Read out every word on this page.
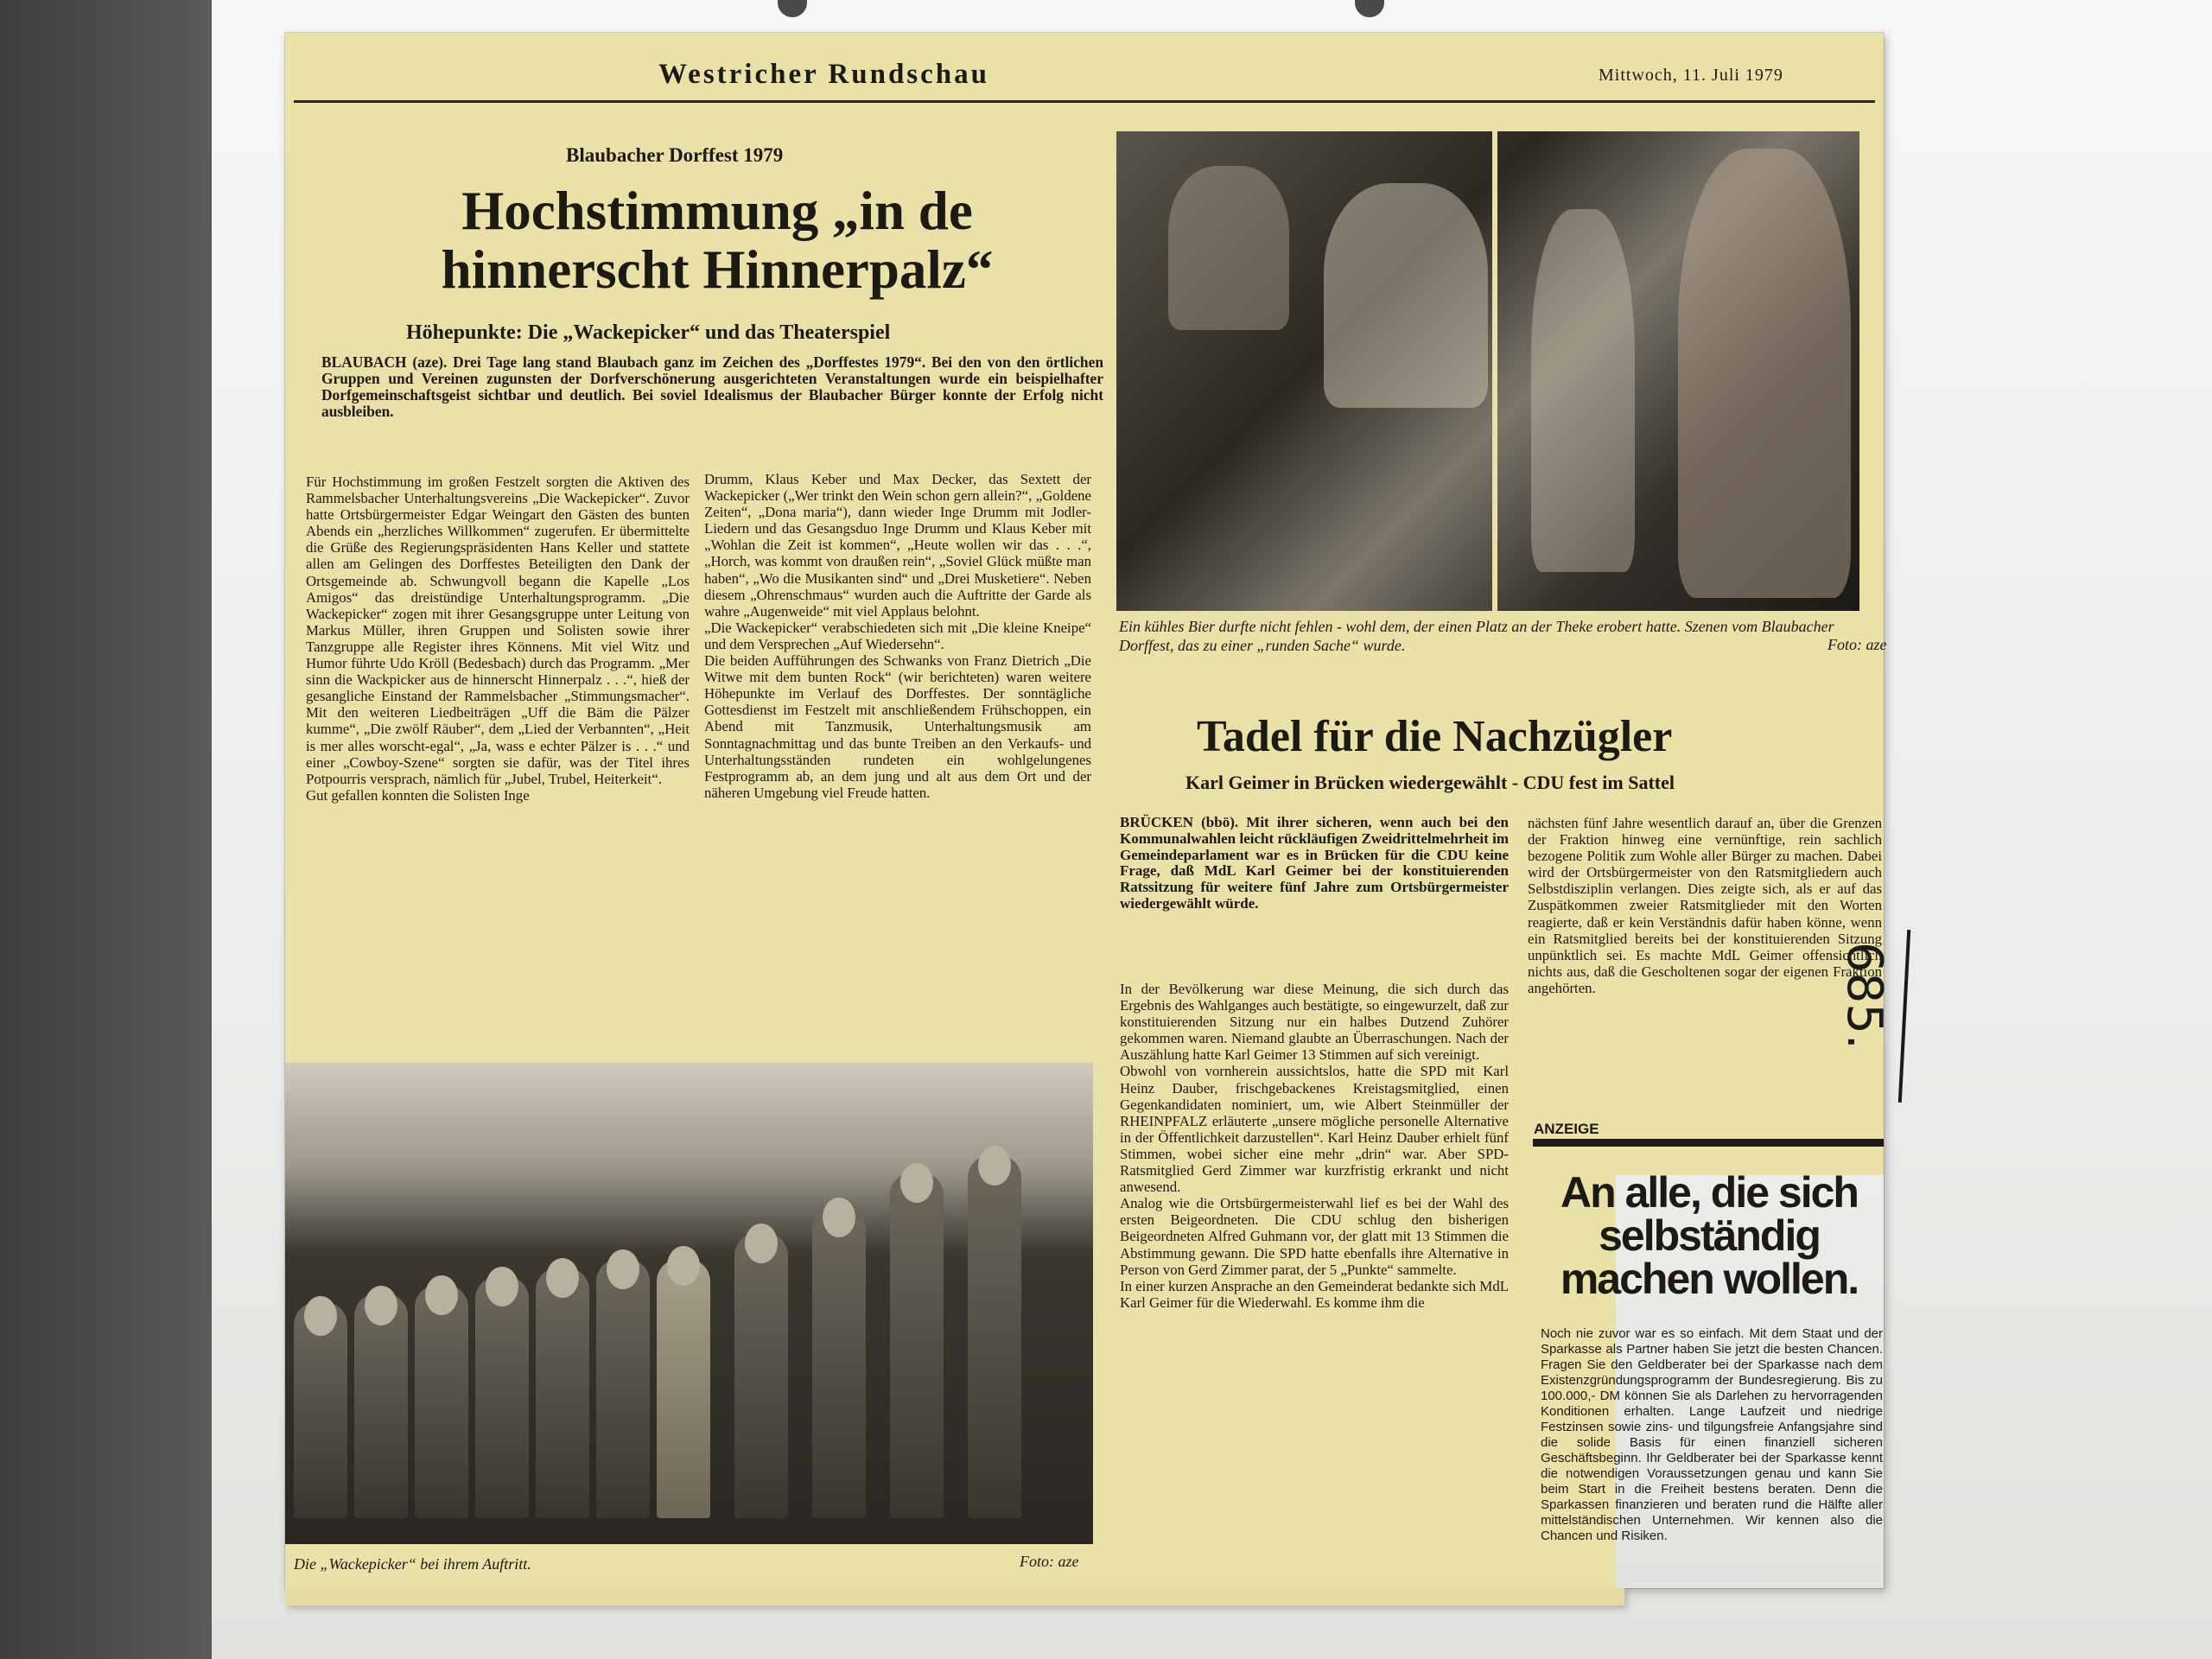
Westricher Rundschau	Mittwoch, 11. Juli 1979
Blaubacher Dorffest 1979
Hochstimmung „in de hinnerscht Hinnerpalz“
Höhepunkte: Die „Wackepicker“ und das Theaterspiel
BLAUBACH (aze). Drei Tage lang stand Blaubach ganz im Zeichen des „Dorffestes 1979“. Bei den von den örtlichen Gruppen und Vereinen zugunsten der Dorfverschönerung ausgerichteten Veranstaltungen wurde ein beispielhafter Dorfgemeinschaftsgeist sichtbar und deutlich. Bei soviel Idealismus der Blaubacher Bürger konnte der Erfolg nicht ausbleiben.
Für Hochstimmung im großen Festzelt sorgten die Aktiven des Rammelsbacher Unterhaltungsvereins „Die Wackepicker“. Zuvor hatte Ortsbürgermeister Edgar Weingart den Gästen des bunten Abends ein „herzliches Willkommen“ zugerufen. Er übermittelte die Grüße des Regierungspräsidenten Hans Keller und stattete allen am Gelingen des Dorffestes Beteiligten den Dank der Ortsgemeinde ab. Schwungvoll begann die Kapelle „Los Amigos“ das dreistündige Unterhaltungsprogramm. „Die Wackepicker“ zogen mit ihrer Gesangsgruppe unter Leitung von Markus Müller, ihren Gruppen und Solisten sowie ihrer Tanzgruppe alle Register ihres Könnens. Mit viel Witz und Humor führte Udo Kröll (Bedesbach) durch das Programm. „Mer sinn die Wackpicker aus de hinnerscht Hinnerpalz . . .“, hieß der gesangliche Einstand der Rammelsbacher „Stimmungsmacher“. Mit den weiteren Liedbeiträgen „Uff die Bäm die Pälzer kumme“, „Die zwölf Räuber“, dem „Lied der Verbannten“, „Heit is mer alles worscht-egal“, „Ja, wass e echter Pälzer is . . .“ und einer „Cowboy-Szene“ sorgten sie dafür, was der Titel ihres Potpourris versprach, nämlich für „Jubel, Trubel, Heiterkeit“.
Gut gefallen konnten die Solisten Inge
Drumm, Klaus Keber und Max Decker, das Sextett der Wackepicker („Wer trinkt den Wein schon gern allein?“, „Goldene Zeiten“, „Dona maria“), dann wieder Inge Drumm mit Jodler-Liedern und das Gesangsduo Inge Drumm und Klaus Keber mit „Wohlan die Zeit ist kommen“, „Heute wollen wir das . . .“, „Horch, was kommt von draußen rein“, „Soviel Glück müßte man haben“, „Wo die Musikanten sind“ und „Drei Musketiere“. Neben diesem „Ohrenschmaus“ wurden auch die Auftritte der Garde als wahre „Augenweide“ mit viel Applaus belohnt.
„Die Wackepicker“ verabschiedeten sich mit „Die kleine Kneipe“ und dem Versprechen „Auf Wiedersehn“.
Die beiden Aufführungen des Schwanks von Franz Dietrich „Die Witwe mit dem bunten Rock“ (wir berichteten) waren weitere Höhepunkte im Verlauf des Dorffestes. Der sonntägliche Gottesdienst im Festzelt mit anschließendem Frühschoppen, ein Abend mit Tanzmusik, Unterhaltungsmusik am Sonntagnachmittag und das bunte Treiben an den Verkaufs- und Unterhaltungsständen rundeten ein wohlgelungenes Festprogramm ab, an dem jung und alt aus dem Ort und der näheren Umgebung viel Freude hatten.
Ein kühles Bier durfte nicht fehlen - wohl dem, der einen Platz an der Theke erobert hatte. Szenen vom Blaubacher Dorffest, das zu einer „runden Sache“ wurde.	Foto: aze
Die „Wackepicker“ bei ihrem Auftritt.	Foto: aze
Tadel für die Nachzügler
Karl Geimer in Brücken wiedergewählt - CDU fest im Sattel
BRÜCKEN (bbö). Mit ihrer sicheren, wenn auch bei den Kommunalwahlen leicht rückläufigen Zweidrittelmehrheit im Gemeindeparlament war es in Brücken für die CDU keine Frage, daß MdL Karl Geimer bei der konstituierenden Ratssitzung für weitere fünf Jahre zum Ortsbürgermeister wiedergewählt würde.
In der Bevölkerung war diese Meinung, die sich durch das Ergebnis des Wahlganges auch bestätigte, so eingewurzelt, daß zur konstituierenden Sitzung nur ein halbes Dutzend Zuhörer gekommen waren. Niemand glaubte an Überraschungen. Nach der Auszählung hatte Karl Geimer 13 Stimmen auf sich vereinigt.
Obwohl von vornherein aussichtslos, hatte die SPD mit Karl Heinz Dauber, frischgebackenes Kreistagsmitglied, einen Gegenkandidaten nominiert, um, wie Albert Steinmüller der RHEINPFALZ erläuterte „unsere mögliche personelle Alternative in der Öffentlichkeit darzustellen“. Karl Heinz Dauber erhielt fünf Stimmen, wobei sicher eine mehr „drin“ war. Aber SPD-Ratsmitglied Gerd Zimmer war kurzfristig erkrankt und nicht anwesend.
Analog wie die Ortsbürgermeisterwahl lief es bei der Wahl des ersten Beigeordneten. Die CDU schlug den bisherigen Beigeordneten Alfred Guhmann vor, der glatt mit 13 Stimmen die Abstimmung gewann. Die SPD hatte ebenfalls ihre Alternative in Person von Gerd Zimmer parat, der 5 „Punkte“ sammelte.
In einer kurzen Ansprache an den Gemeinderat bedankte sich MdL Karl Geimer für die Wiederwahl. Es komme ihm die
nächsten fünf Jahre wesentlich darauf an, über die Grenzen der Fraktion hinweg eine vernünftige, rein sachlich bezogene Politik zum Wohle aller Bürger zu machen. Dabei wird der Ortsbürgermeister von den Ratsmitgliedern auch Selbstdisziplin verlangen. Dies zeigte sich, als er auf das Zuspätkommen zweier Ratsmitglieder mit den Worten reagierte, daß er kein Verständnis dafür haben könne, wenn ein Ratsmitglied bereits bei der konstituierenden Sitzung unpünktlich sei. Es machte MdL Geimer offensichtlich nichts aus, daß die Gescholtenen sogar der eigenen Fraktion angehörten.
ANZEIGE
An alle, die sich selbständig machen wollen.
Noch nie zuvor war es so einfach. Mit dem Staat und der Sparkasse als Partner haben Sie jetzt die besten Chancen. Fragen Sie den Geldberater bei der Sparkasse nach dem Existenzgründungsprogramm der Bundesregierung. Bis zu 100.000,- DM können Sie als Darlehen zu hervorragenden Konditionen erhalten. Lange Laufzeit und niedrige Festzinsen sowie zins- und tilgungsfreie Anfangsjahre sind die solide Basis für einen finanziell sicheren Geschäftsbeginn. Ihr Geldberater bei der Sparkasse kennt die notwendigen Voraussetzungen genau und kann Sie beim Start in die Freiheit bestens beraten. Denn die Sparkassen finanzieren und beraten rund die Hälfte aller mittelständischen Unternehmen. Wir kennen also die Chancen und Risiken.
685.
